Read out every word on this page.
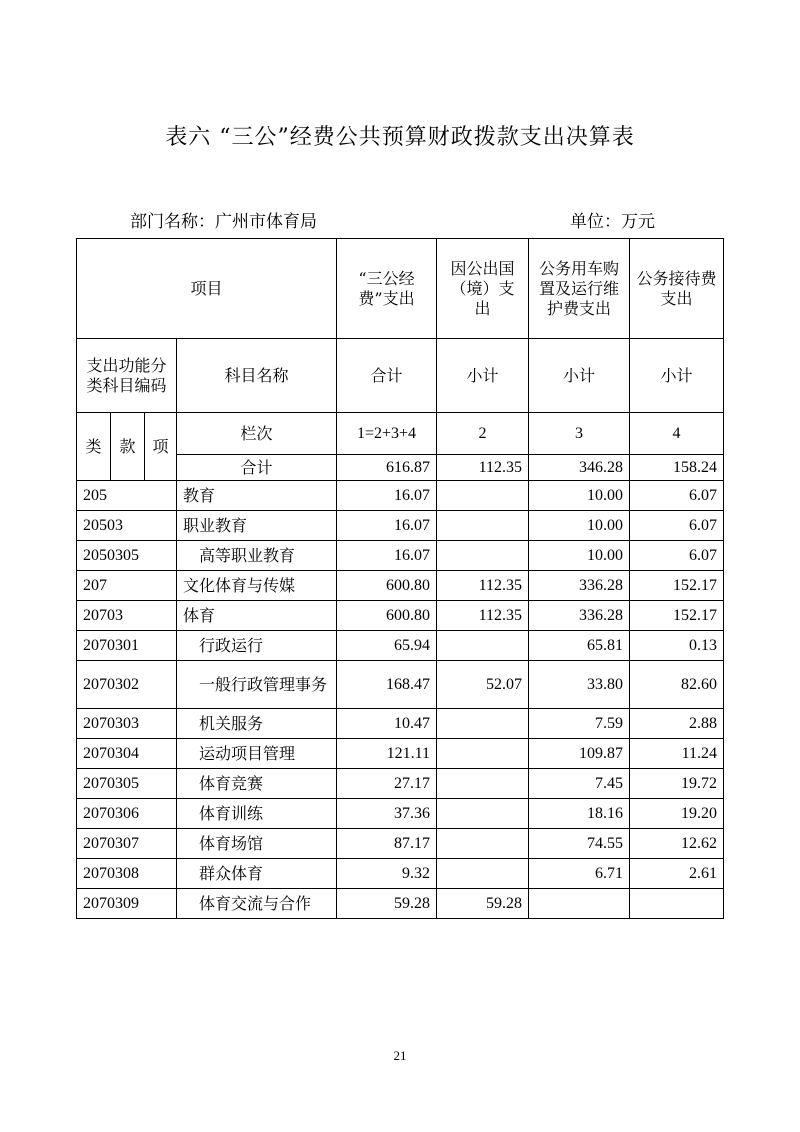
表六 “三公”经费公共预算财政拨款支出决算表
部门名称：广州市体育局	单位：万元
项目				“三公经费”支出	因公出国（境）支出	公务用车购置及运行维护费支出	公务接待费支出
支出功能分类科目编码			科目名称	合计	小计	小计	小计
类	款	项	栏次	1=2+3+4	2	3	4
			合计	616.87	112.35	346.28	158.24
205			教育	16.07		10.00	6.07
20503			职业教育	16.07		10.00	6.07
2050305			高等职业教育	16.07		10.00	6.07
207			文化体育与传媒	600.80	112.35	336.28	152.17
20703			体育	600.80	112.35	336.28	152.17
2070301			行政运行	65.94		65.81	0.13
2070302			一般行政管理事务	168.47	52.07	33.80	82.60
2070303			机关服务	10.47		7.59	2.88
2070304			运动项目管理	121.11		109.87	11.24
2070305			体育竞赛	27.17		7.45	19.72
2070306			体育训练	37.36		18.16	19.20
2070307			体育场馆	87.17		74.55	12.62
2070308			群众体育	9.32		6.71	2.61
2070309			体育交流与合作	59.28	59.28		
21
